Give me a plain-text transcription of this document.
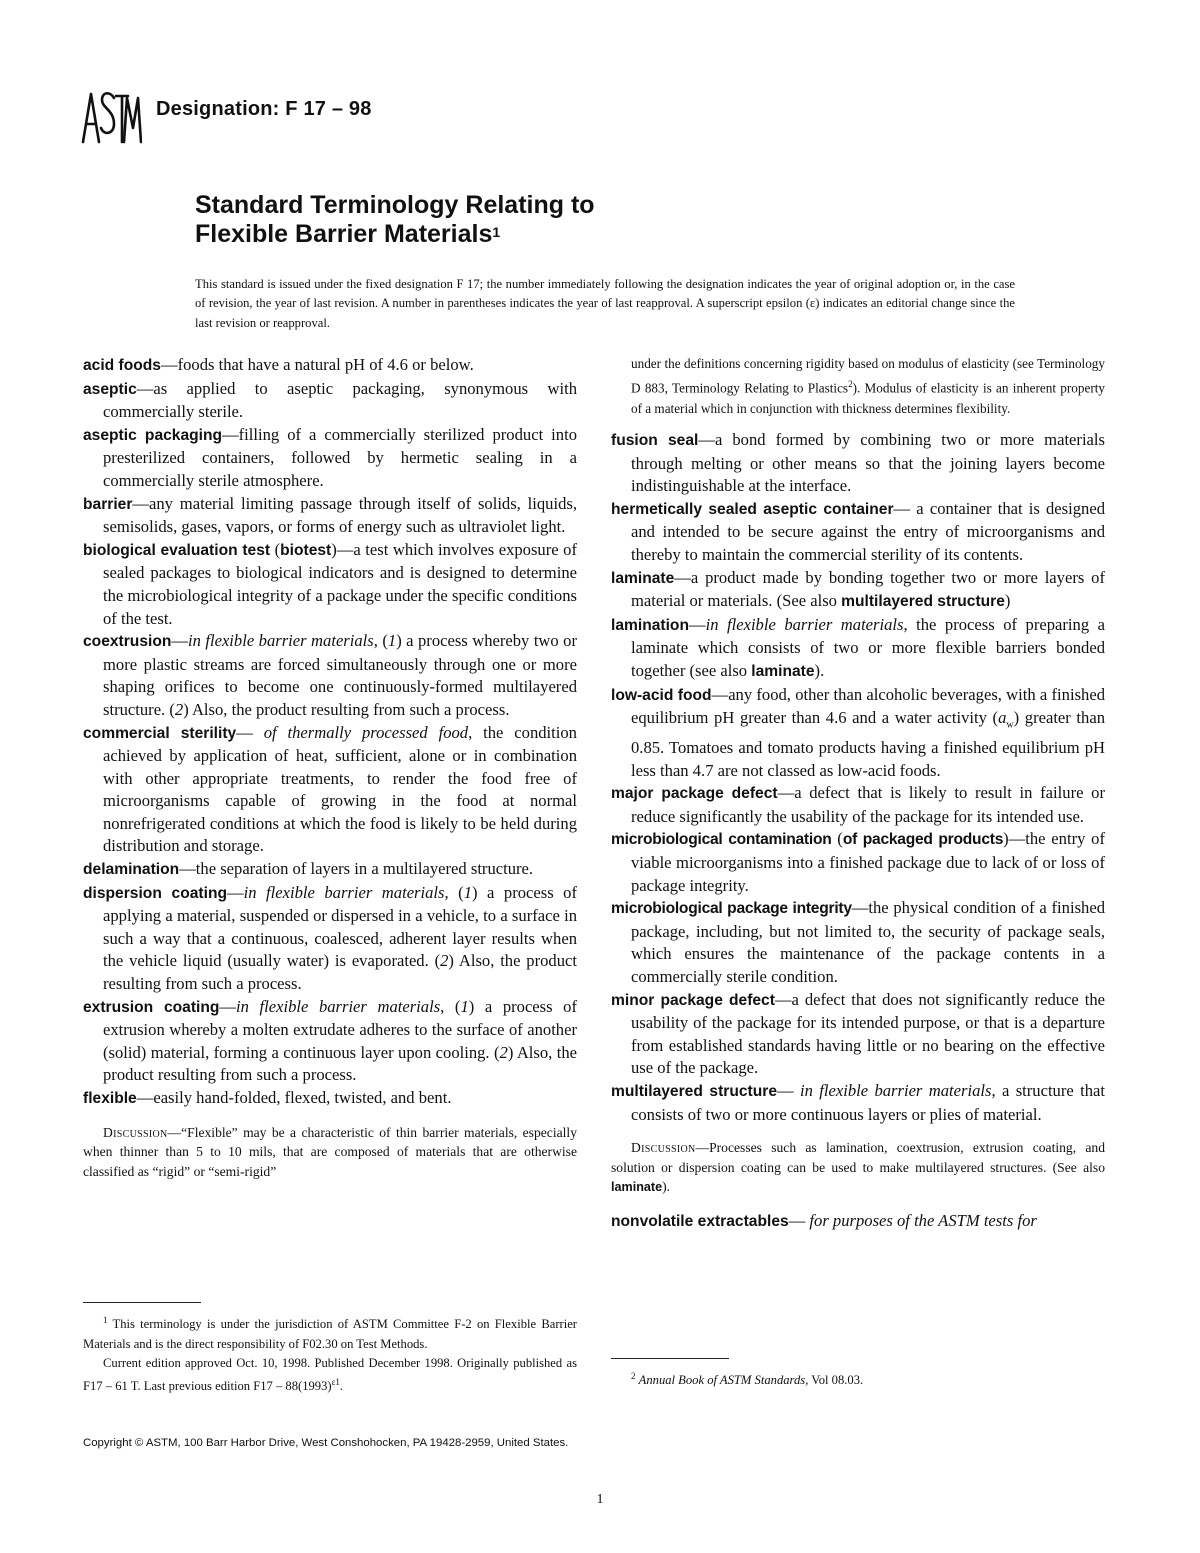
Designation: F 17 – 98
Standard Terminology Relating to
Flexible Barrier Materials$^1$
This standard is issued under the fixed designation F 17; the number immediately following the designation indicates the year of original adoption or, in the case of revision, the year of last revision. A number in parentheses indicates the year of last reapproval. A superscript epsilon (ε) indicates an editorial change since the last revision or reapproval.

acid foods—foods that have a natural pH of 4.6 or below.

aseptic—as applied to aseptic packaging, synonymous with commercially sterile.

aseptic packaging—filling of a commercially sterilized product into presterilized containers, followed by hermetic sealing in a commercially sterile atmosphere.

barrier—any material limiting passage through itself of solids, liquids, semisolids, gases, vapors, or forms of energy such as ultraviolet light.

biological evaluation test (biotest)—a test which involves exposure of sealed packages to biological indicators and is designed to determine the microbiological integrity of a package under the specific conditions of the test.

coextrusion—in flexible barrier materials, (1) a process whereby two or more plastic streams are forced simultaneously through one or more shaping orifices to become one continuously-formed multilayered structure. (2) Also, the product resulting from such a process.

commercial sterility— of thermally processed food, the condition achieved by application of heat, sufficient, alone or in combination with other appropriate treatments, to render the food free of microorganisms capable of growing in the food at normal nonrefrigerated conditions at which the food is likely to be held during distribution and storage.

delamination—the separation of layers in a multilayered structure.

dispersion coating—in flexible barrier materials, (1) a process of applying a material, suspended or dispersed in a vehicle, to a surface in such a way that a continuous, coalesced, adherent layer results when the vehicle liquid (usually water) is evaporated. (2) Also, the product resulting from such a process.

extrusion coating—in flexible barrier materials, (1) a process of extrusion whereby a molten extrudate adheres to the surface of another (solid) material, forming a continuous layer upon cooling. (2) Also, the product resulting from such a process.

flexible—easily hand-folded, flexed, twisted, and bent.

Discussion—“Flexible” may be a characteristic of thin barrier materials, especially when thinner than 5 to 10 mils, that are composed of materials that are otherwise classified as “rigid” or “semi-rigid”

under the definitions concerning rigidity based on modulus of elasticity (see Terminology D 883, Terminology Relating to Plastics$^2$). Modulus of elasticity is an inherent property of a material which in conjunction with thickness determines flexibility.

fusion seal—a bond formed by combining two or more materials through melting or other means so that the joining layers become indistinguishable at the interface.

hermetically sealed aseptic container— a container that is designed and intended to be secure against the entry of microorganisms and thereby to maintain the commercial sterility of its contents.

laminate—a product made by bonding together two or more layers of material or materials. (See also multilayered structure)

lamination—in flexible barrier materials, the process of preparing a laminate which consists of two or more flexible barriers bonded together (see also laminate).

low-acid food—any food, other than alcoholic beverages, with a finished equilibrium pH greater than 4.6 and a water activity $(a_w)$ greater than 0.85. Tomatoes and tomato products having a finished equilibrium pH less than 4.7 are not classed as low-acid foods.

major package defect—a defect that is likely to result in failure or reduce significantly the usability of the package for its intended use.

microbiological contamination (of packaged products)—the entry of viable microorganisms into a finished package due to lack of or loss of package integrity.

microbiological package integrity—the physical condition of a finished package, including, but not limited to, the security of package seals, which ensures the maintenance of the package contents in a commercially sterile condition.

minor package defect—a defect that does not significantly reduce the usability of the package for its intended purpose, or that is a departure from established standards having little or no bearing on the effective use of the package.

multilayered structure— in flexible barrier materials, a structure that consists of two or more continuous layers or plies of material.

Discussion—Processes such as lamination, coextrusion, extrusion coating, and solution or dispersion coating can be used to make multilayered structures. (See also laminate).

nonvolatile extractables— for purposes of the ASTM tests for

$^1$ This terminology is under the jurisdiction of ASTM Committee F-2 on Flexible Barrier Materials and is the direct responsibility of F02.30 on Test Methods.

Current edition approved Oct. 10, 1998. Published December 1998. Originally published as F17 – 61 T. Last previous edition $F17 - 88(1993)^{\varepsilon 1}$.

$^2$ Annual Book of ASTM Standards, Vol 08.03.

Copyright © ASTM, 100 Barr Harbor Drive, West Conshohocken, PA 19428-2959, United States.
1
